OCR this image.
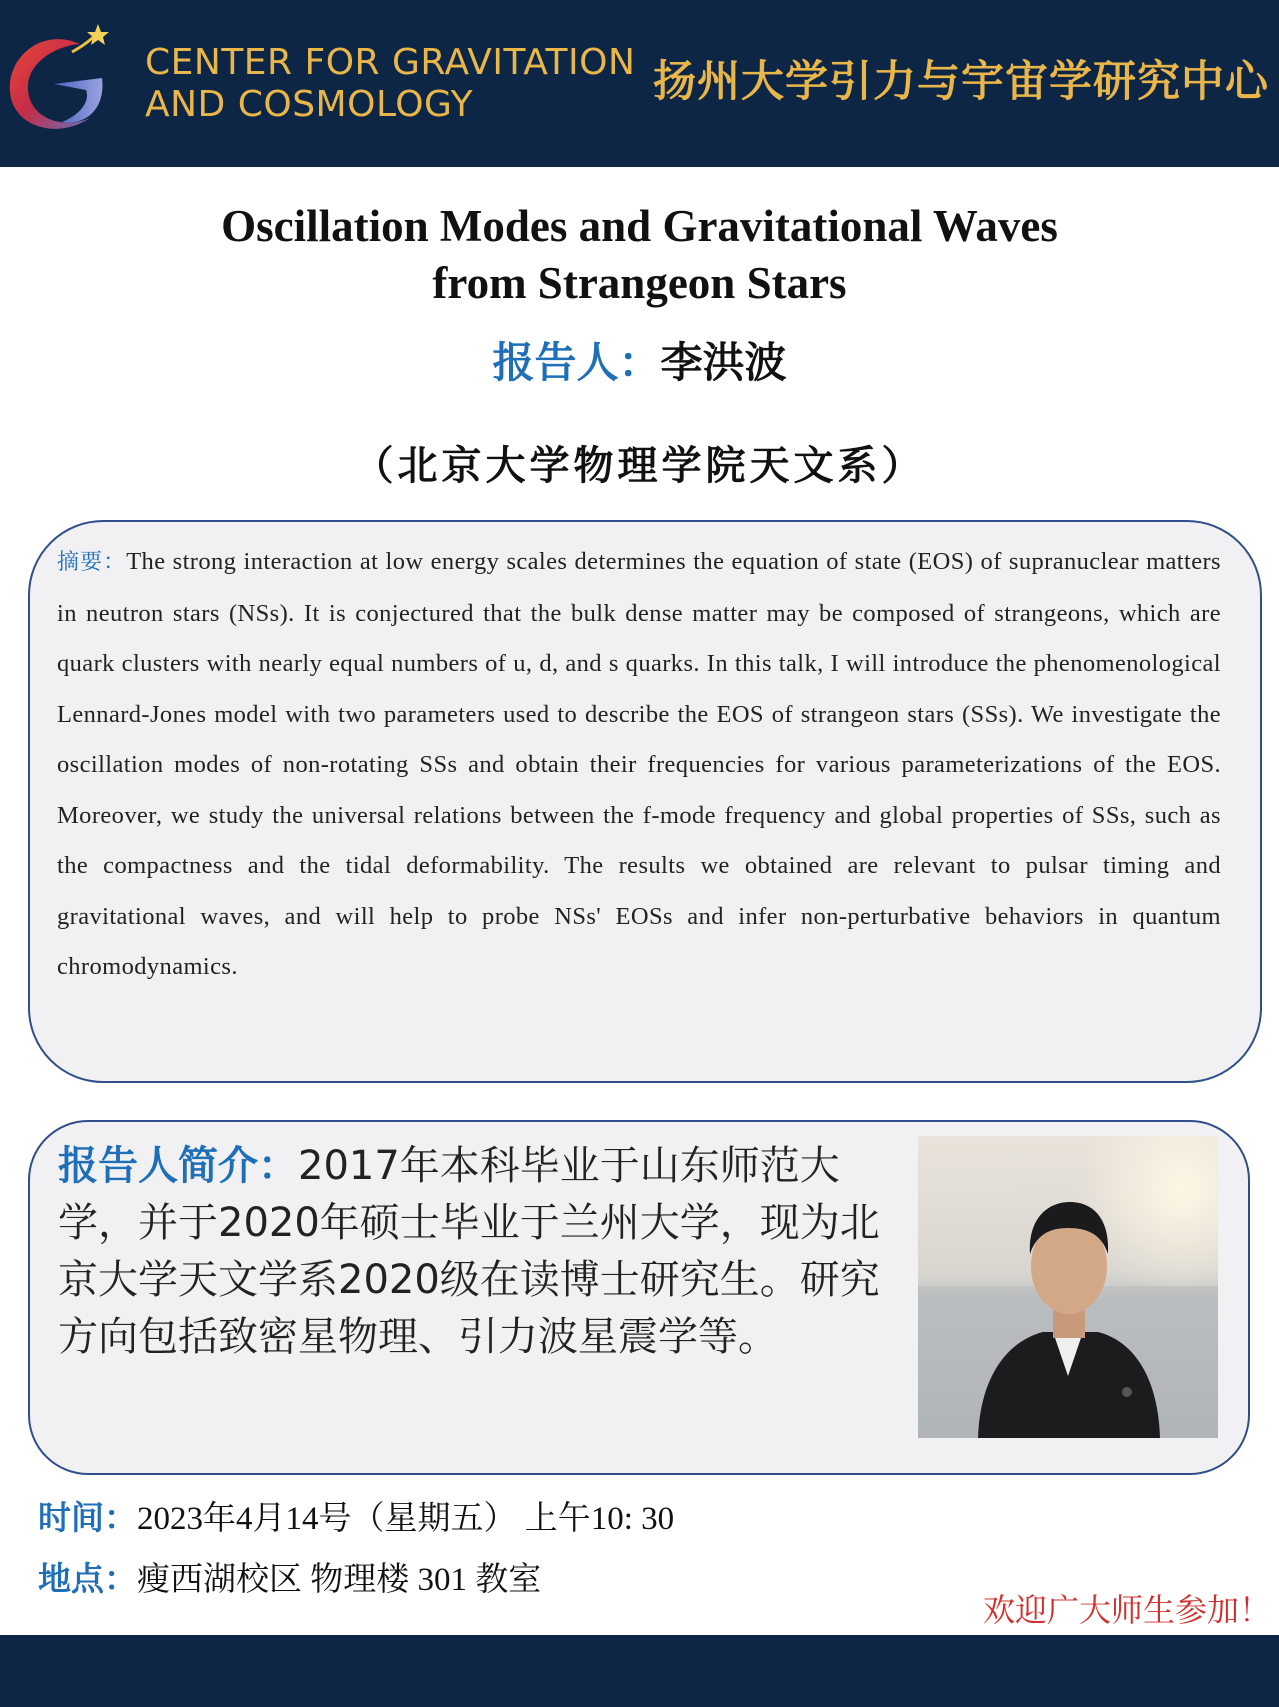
CENTER FOR GRAVITATION
AND COSMOLOGY	扬州大学引力与宇宙学研究中心
Oscillation Modes and Gravitational Waves
from Strangeon Stars
报告人：李洪波
（北京大学物理学院天文系）
摘要：The strong interaction at low energy scales determines the equation of state (EOS) of supranuclear matters in neutron stars (NSs). It is conjectured that the bulk dense matter may be composed of strangeons, which are quark clusters with nearly equal numbers of u, d, and s quarks. In this talk, I will introduce the phenomenological Lennard-Jones model with two parameters used to describe the EOS of strangeon stars (SSs). We investigate the oscillation modes of non-rotating SSs and obtain their frequencies for various parameterizations of the EOS. Moreover, we study the universal relations between the f-mode frequency and global properties of SSs, such as the compactness and the tidal deformability. The results we obtained are relevant to pulsar timing and gravitational waves, and will help to probe NSs' EOSs and infer non-perturbative behaviors in quantum chromodynamics.
报告人简介：2017年本科毕业于山东师范大学，并于2020年硕士毕业于兰州大学，现为北京大学天文学系2020级在读博士研究生。研究方向包括致密星物理、引力波星震学等。
时间：2023年4月14号（星期五） 上午10: 30
地点：瘦西湖校区 物理楼 301 教室
欢迎广大师生参加！
